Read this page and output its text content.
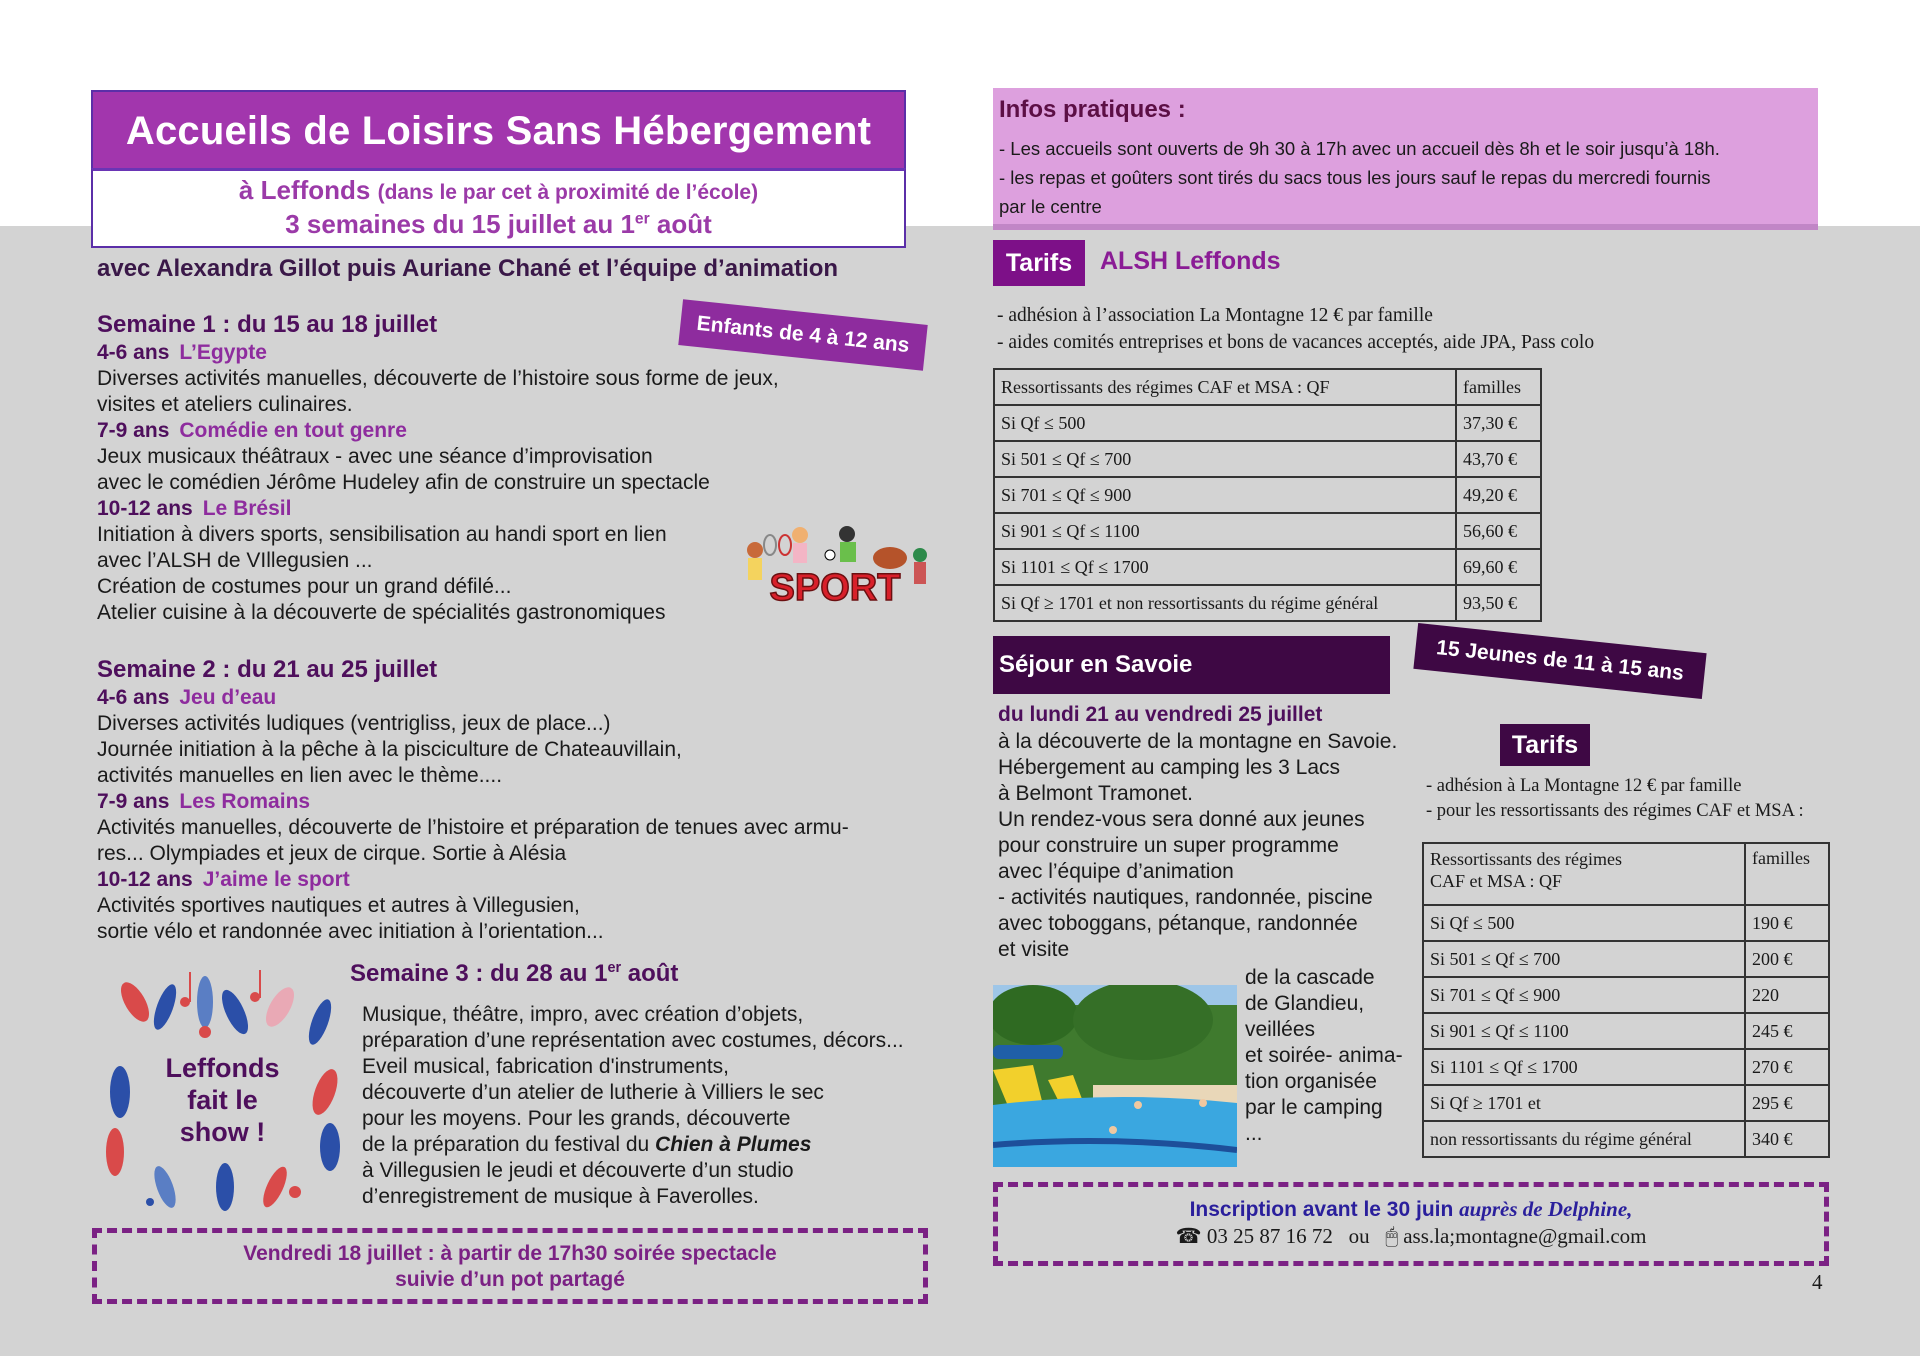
Accueils de Loisirs Sans Hébergement
à Leffonds (dans le par cet à proximité de l’école)
3 semaines du 15 juillet au 1er août
avec Alexandra Gillot puis Auriane Chané et l’équipe d’animation
Enfants de 4 à 12 ans
Semaine 1 : du 15 au 18 juillet
4-6 ans L’Egypte
Diverses activités manuelles, découverte de l’histoire sous forme de jeux,
visites et ateliers culinaires.
7-9 ans Comédie en tout genre
Jeux musicaux théâtraux - avec une séance d’improvisation
avec le comédien Jérôme Hudeley afin de construire un spectacle
10-12 ans Le Brésil
Initiation à divers sports, sensibilisation au handi sport en lien
avec l’ALSH de VIllegusien ...
Création de costumes pour un grand défilé...
Atelier cuisine à la découverte de spécialités gastronomiques
SPORT
Semaine 2 : du 21 au 25 juillet
4-6 ans Jeu d’eau
Diverses activités ludiques (ventrigliss, jeux de place...)
Journée initiation à la pêche à la pisciculture de Chateauvillain,
activités manuelles en lien avec le thème....
7-9 ans Les Romains
Activités manuelles, découverte de l’histoire et préparation de tenues avec armu-
res... Olympiades et jeux de cirque. Sortie à Alésia
10-12 ans J’aime le sport
Activités sportives nautiques et autres à Villegusien,
sortie vélo et randonnée avec initiation à l’orientation...
Leffonds
fait le
show !
Semaine 3 : du 28 au 1er août
Musique, théâtre, impro, avec création d’objets,
préparation d’une représentation avec costumes, décors...
Eveil musical, fabrication d'instruments,
découverte d’un atelier de lutherie à Villiers le sec
pour les moyens. Pour les grands, découverte
de la préparation du festival du Chien à Plumes
à Villegusien le jeudi et découverte d’un studio
d’enregistrement de musique à Faverolles.
Vendredi 18 juillet : à partir de 17h30 soirée spectacle
suivie d’un pot partagé
Infos pratiques :

- Les accueils sont ouverts de 9h 30 à 17h avec un accueil dès 8h et le soir jusqu’à 18h.

- les repas et goûters sont tirés du sacs tous les jours sauf le repas du mercredi fournis

par le centre

Tarifs	ALSH Leffonds
- adhésion à l’association La Montagne 12 € par famille
- aides comités entreprises et bons de vacances acceptés, aide JPA, Pass colo
Ressortissants des régimes CAF et MSA : QF	familles
Si Qf ≤ 500	37,30 €
Si 501 ≤ Qf ≤ 700	43,70 €
Si 701 ≤ Qf ≤ 900	49,20 €
Si 901 ≤ Qf ≤ 1100	56,60 €
Si 1101 ≤ Qf ≤ 1700	69,60 €
Si Qf ≥ 1701 et non ressortissants du régime général	93,50 €
Séjour en Savoie	15 Jeunes de 11 à 15 ans
du lundi 21 au vendredi 25 juillet
à la découverte de la montagne en Savoie.
Hébergement au camping les 3 Lacs
à Belmont Tramonet.
Un rendez-vous sera donné aux jeunes
pour construire un super programme
avec l’équipe d’animation
- activités nautiques, randonnée, piscine
avec toboggans, pétanque, randonnée
et visite
de la cascade
de Glandieu,
veillées
et soirée- anima-
tion organisée
par le camping
...
Tarifs
- adhésion à La Montagne 12 € par famille
- pour les ressortissants des régimes CAF et MSA :
Ressortissants des régimes
CAF et MSA : QF	familles
Si Qf ≤ 500	190 €
Si 501 ≤ Qf ≤ 700	200 €
Si 701 ≤ Qf ≤ 900	220
Si 901 ≤ Qf ≤ 1100	245 €
Si 1101 ≤ Qf ≤ 1700	270 €
Si Qf ≥ 1701 et	295 €
non ressortissants du régime général	340 €
Inscription avant le 30 juin auprès de Delphine,
☎ 03 25 87 16 72 ou 🖱 ass.la;montagne@gmail.com
4
